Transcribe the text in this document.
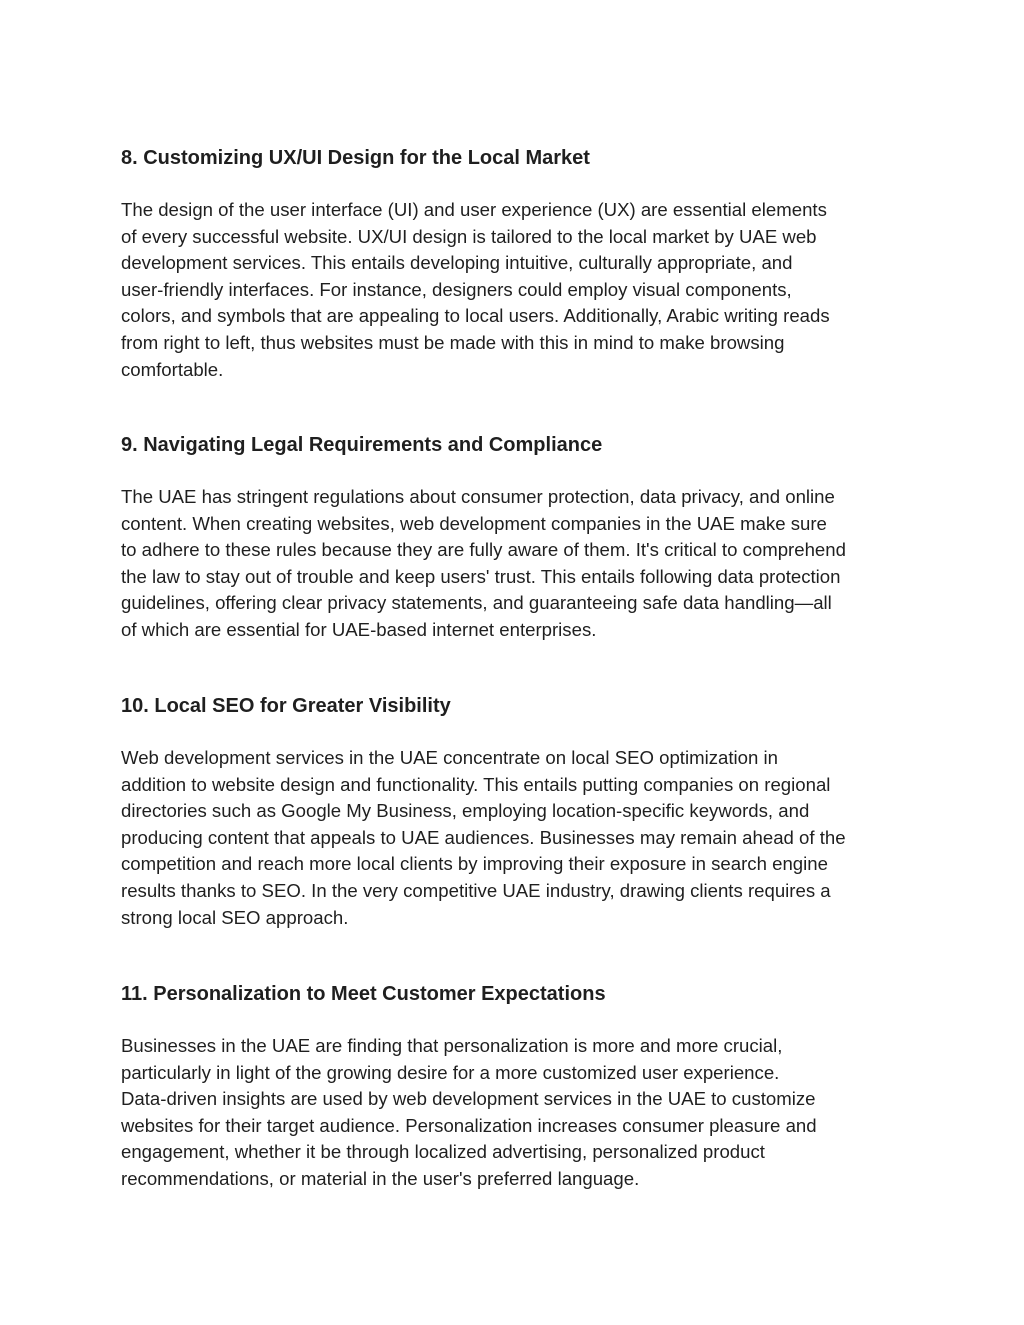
8. Customizing UX/UI Design for the Local Market
The design of the user interface (UI) and user experience (UX) are essential elements
of every successful website. UX/UI design is tailored to the local market by UAE web
development services. This entails developing intuitive, culturally appropriate, and
user-friendly interfaces. For instance, designers could employ visual components,
colors, and symbols that are appealing to local users. Additionally, Arabic writing reads
from right to left, thus websites must be made with this in mind to make browsing
comfortable.
9. Navigating Legal Requirements and Compliance
The UAE has stringent regulations about consumer protection, data privacy, and online
content. When creating websites, web development companies in the UAE make sure
to adhere to these rules because they are fully aware of them. It's critical to comprehend
the law to stay out of trouble and keep users' trust. This entails following data protection
guidelines, offering clear privacy statements, and guaranteeing safe data handling—all
of which are essential for UAE-based internet enterprises.
10. Local SEO for Greater Visibility
Web development services in the UAE concentrate on local SEO optimization in
addition to website design and functionality. This entails putting companies on regional
directories such as Google My Business, employing location-specific keywords, and
producing content that appeals to UAE audiences. Businesses may remain ahead of the
competition and reach more local clients by improving their exposure in search engine
results thanks to SEO. In the very competitive UAE industry, drawing clients requires a
strong local SEO approach.
11. Personalization to Meet Customer Expectations
Businesses in the UAE are finding that personalization is more and more crucial,
particularly in light of the growing desire for a more customized user experience.
Data-driven insights are used by web development services in the UAE to customize
websites for their target audience. Personalization increases consumer pleasure and
engagement, whether it be through localized advertising, personalized product
recommendations, or material in the user's preferred language.
